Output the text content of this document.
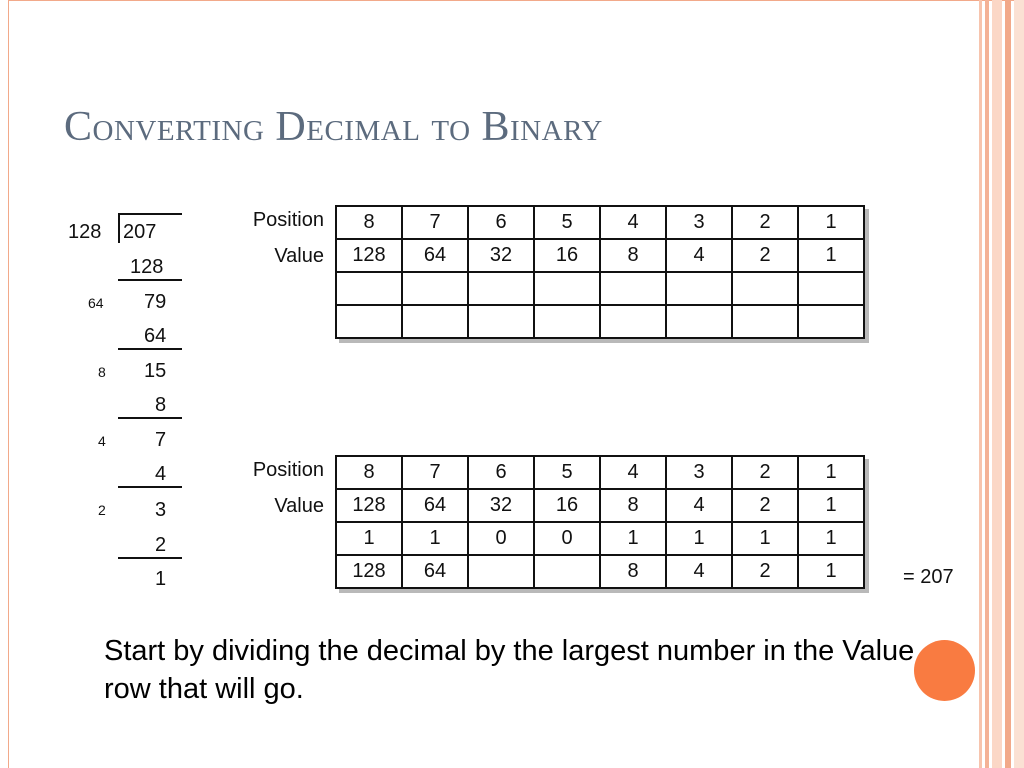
Converting Decimal to Binary
128 207
128
79
64
64
15
8
8
7
4
4
3
2
2
1
Position
Value
8	7	6	5	4	3	2	1
128	64	32	16	8	4	2	1

Position
Value
8	7	6	5	4	3	2	1
128	64	32	16	8	4	2	1
1	1	0	0	1	1	1	1
128	64			8	4	2	1	= 207
Start by dividing the decimal by the largest number in the Value row that will go.
